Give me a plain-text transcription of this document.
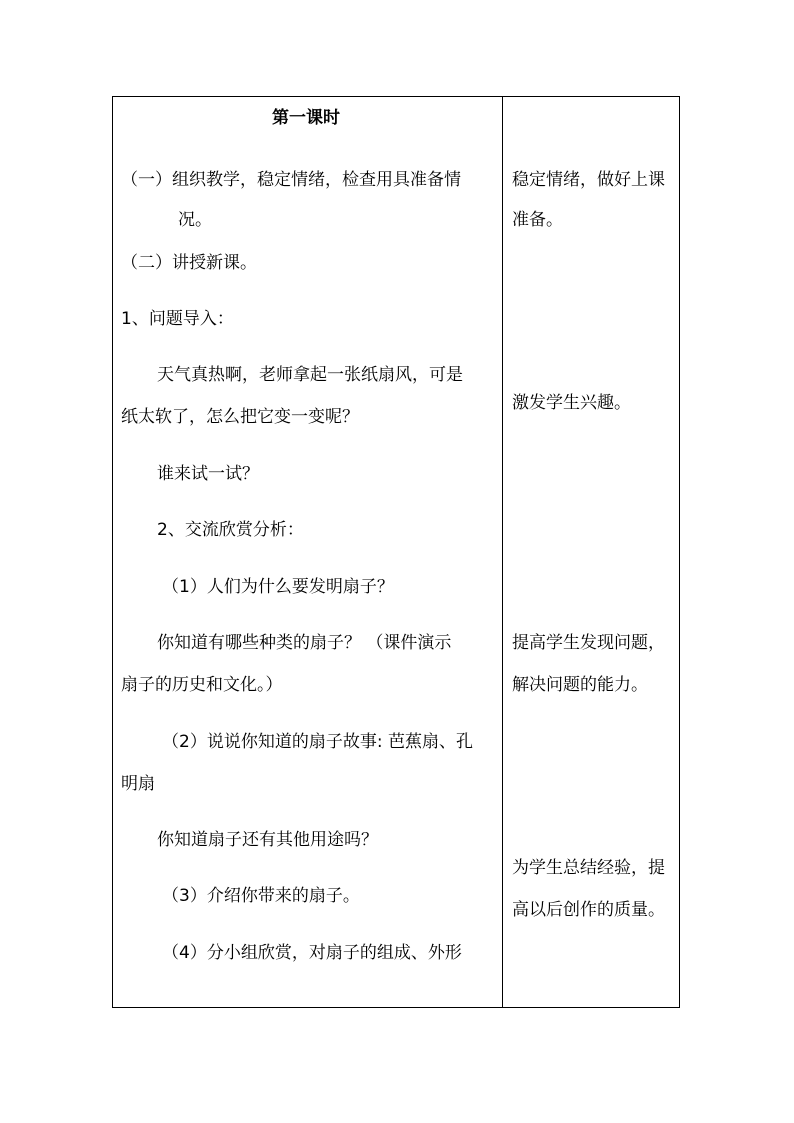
第一课时
（一）组织教学，稳定情绪，检查用具准备情
况。
（二）讲授新课。
1、问题导入：
天气真热啊，老师拿起一张纸扇风，可是
纸太软了，怎么把它变一变呢？
谁来试一试？
2、交流欣赏分析：
（1）人们为什么要发明扇子？
你知道有哪些种类的扇子？ （课件演示
扇子的历史和文化。）
（2）说说你知道的扇子故事: 芭蕉扇、孔
明扇
你知道扇子还有其他用途吗？
（3）介绍你带来的扇子。
（4）分小组欣赏，对扇子的组成、外形
稳定情绪，做好上课
准备。
激发学生兴趣。
提高学生发现问题，
解决问题的能力。
为学生总结经验，提
高以后创作的质量。
